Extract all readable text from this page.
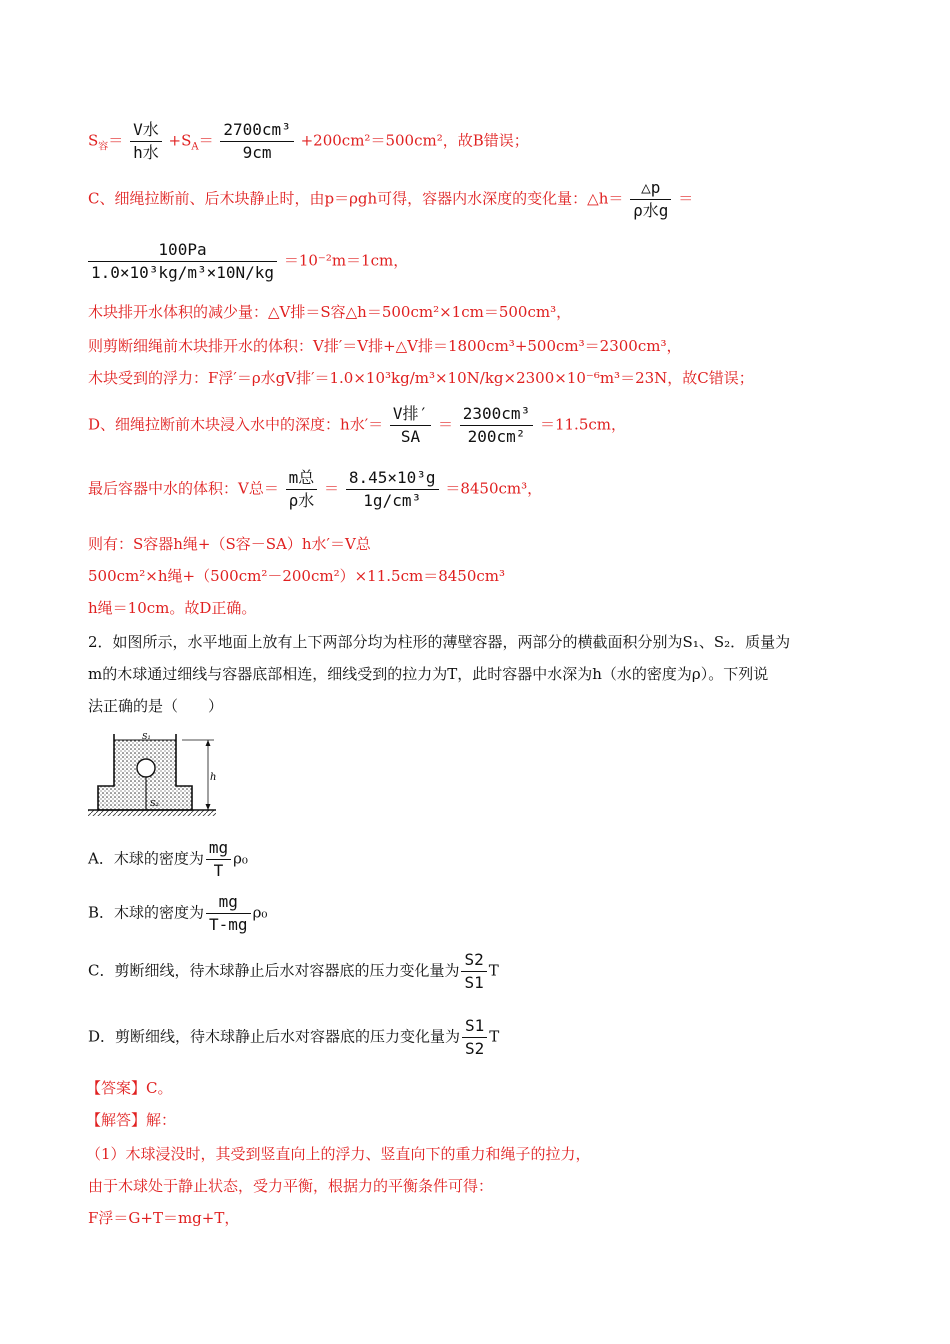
$S_容= \frac{\text{V水}}{\text{h水}} +S_A= \frac{\text{2700cm³}}{9cm} +200cm^2=500cm^2$，故B错误；
C、细绳拉断前、后木块静止时，由p＝ρgh可得，容器内水深度的变化量：△h＝ $\frac{\triangle p}{\text{ρ水g}}$ ＝
$\frac{100Pa}{\text{1.0×10³kg/m³×10N/kg}} =10^{-2}m=1cm$，
木块排开水体积的减少量：△V排＝S容△h＝500cm²×1cm＝500cm³，
则剪断细绳前木块排开水的体积：V排′＝V排+△V排＝1800cm³+500cm³＝2300cm³，
木块受到的浮力：F浮′＝ρ水gV排′＝1.0×10³kg/m³×10N/kg×2300×10⁻⁶m³＝23N，故C错误；
D、细绳拉断前木块浸入水中的深度：h水′＝ $\frac{\text{V排′}}{SA} = \frac{\text{2300cm³}}{\text{200cm²}} =11.5cm$，
最后容器中水的体积：V总＝ $\frac{\text{m总}}{\text{ρ水}} = \frac{\text{8.45×10³g}}{\text{1g/cm³}} =8450cm^3$，
则有：S容器h绳+（S容－SA）h水′＝V总
500cm²×h绳+（500cm²－200cm²）×11.5cm＝8450cm³
h绳＝10cm。故D正确。
2．如图所示，水平地面上放有上下两部分均为柱形的薄壁容器，两部分的横截面积分别为S₁、S₂．质量为
m的木球通过细线与容器底部相连，细线受到的拉力为T，此时容器中水深为h（水的密度为ρ）。下列说
法正确的是（　　）
h
S₁
S₂
A．木球的密度为 $\frac{mg}{T} \rho_0$
B．木球的密度为 $\frac{mg}{T-mg} \rho_0$
C．剪断细线，待木球静止后水对容器底的压力变化量为 $\frac{S2}{S1}$ T
D．剪断细线，待木球静止后水对容器底的压力变化量为 $\frac{S1}{S2}$ T
【答案】C。
【解答】解：
（1）木球浸没时，其受到竖直向上的浮力、竖直向下的重力和绳子的拉力，
由于木球处于静止状态，受力平衡，根据力的平衡条件可得：
F浮＝G+T＝mg+T，
